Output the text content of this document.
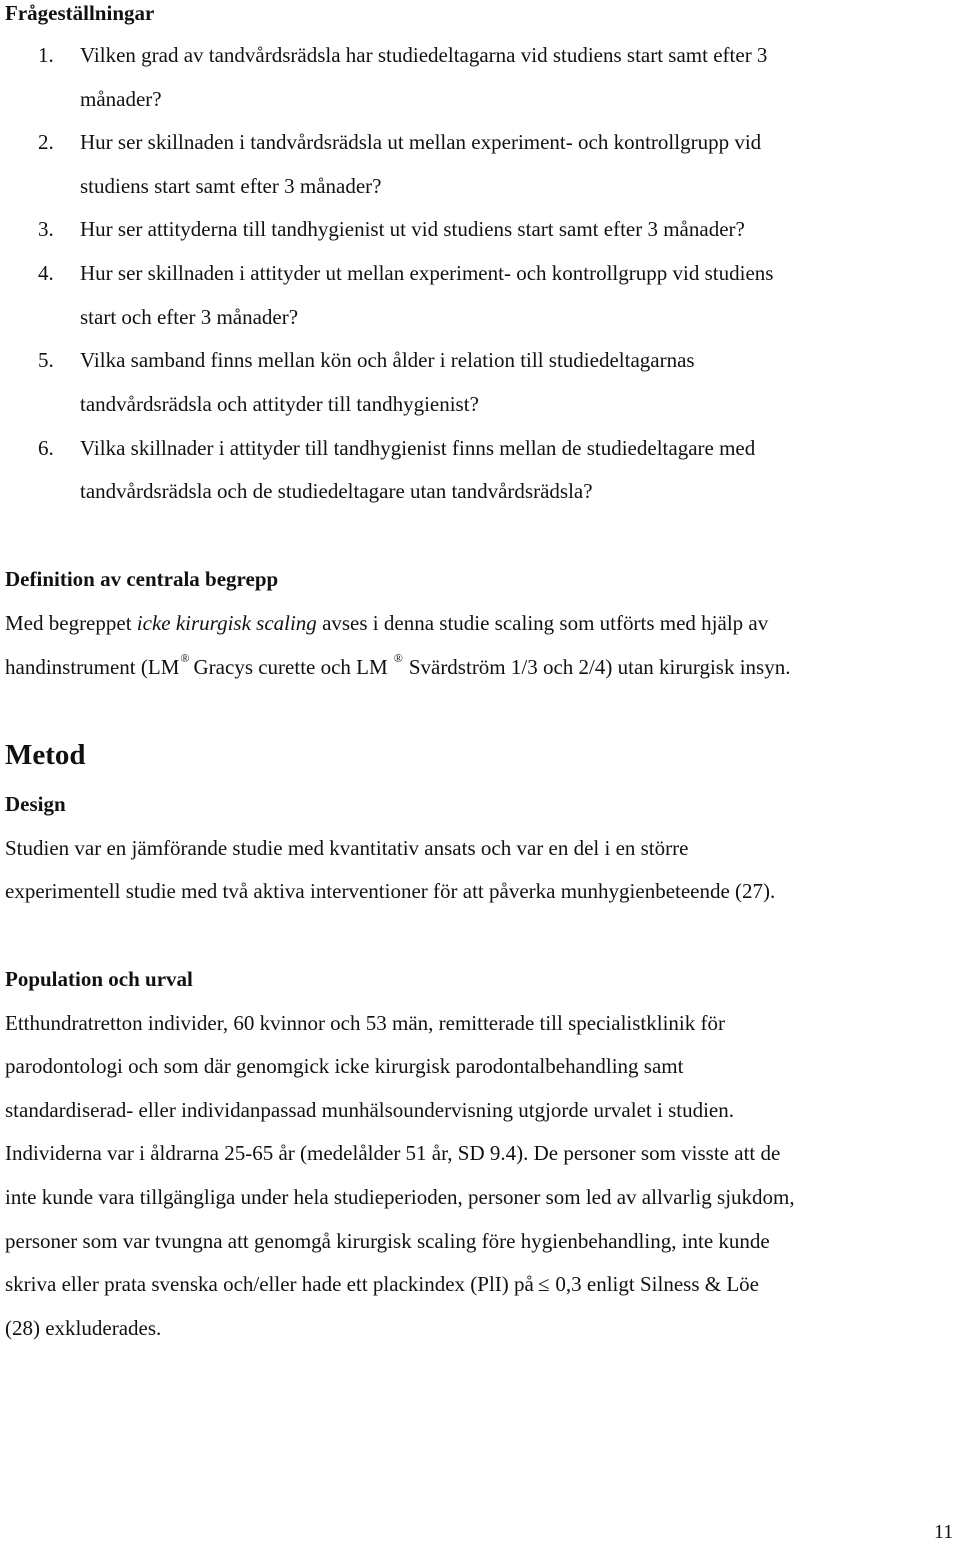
Frågeställningar
1. Vilken grad av tandvårdsrädsla har studiedeltagarna vid studiens start samt efter 3
månader?
2. Hur ser skillnaden i tandvårdsrädsla ut mellan experiment- och kontrollgrupp vid
studiens start samt efter 3 månader?
3. Hur ser attityderna till tandhygienist ut vid studiens start samt efter 3 månader?
4. Hur ser skillnaden i attityder ut mellan experiment- och kontrollgrupp vid studiens
start och efter 3 månader?
5. Vilka samband finns mellan kön och ålder i relation till studiedeltagarnas
tandvårdsrädsla och attityder till tandhygienist?
6. Vilka skillnader i attityder till tandhygienist finns mellan de studiedeltagare med
tandvårdsrädsla och de studiedeltagare utan tandvårdsrädsla?
Definition av centrala begrepp
Med begreppet icke kirurgisk scaling avses i denna studie scaling som utförts med hjälp av
handinstrument (LM® Gracys curette och LM ® Svärdström 1/3 och 2/4) utan kirurgisk insyn.
Metod
Design
Studien var en jämförande studie med kvantitativ ansats och var en del i en större
experimentell studie med två aktiva interventioner för att påverka munhygienbeteende (27).
Population och urval
Etthundratretton individer, 60 kvinnor och 53 män, remitterade till specialistklinik för
parodontologi och som där genomgick icke kirurgisk parodontalbehandling samt
standardiserad- eller individanpassad munhälsoundervisning utgjorde urvalet i studien.
Individerna var i åldrarna 25-65 år (medelålder 51 år, SD 9.4). De personer som visste att de
inte kunde vara tillgängliga under hela studieperioden, personer som led av allvarlig sjukdom,
personer som var tvungna att genomgå kirurgisk scaling före hygienbehandling, inte kunde
skriva eller prata svenska och/eller hade ett plackindex (PlI) på ≤ 0,3 enligt Silness & Löe
(28) exkluderades.
11
